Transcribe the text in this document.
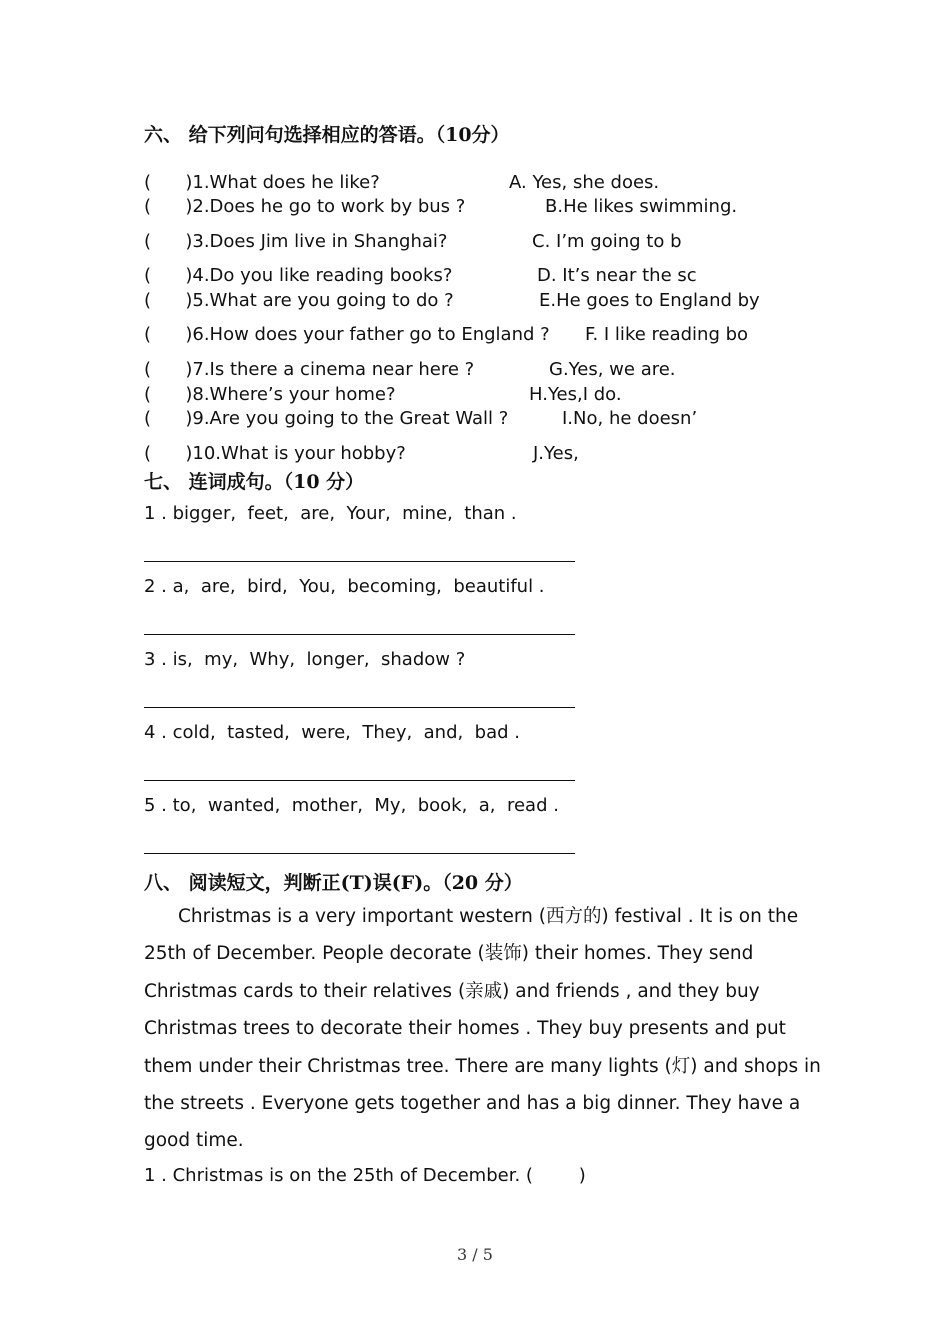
六、 给下列问句选择相应的答语。（10分）
(      )1.What does he like?	A. Yes, she does.
(      )2.Does he go to work by bus ?	B.He likes swimming.
(      )3.Does Jim live in Shanghai?	C. I’m going to b
(      )4.Do you like reading books?	D. It’s near the sc
(      )5.What are you going to do ?	E.He goes to England by
(      )6.How does your father go to England ? F. I like reading bo
(      )7.Is there a cinema near here ?	G.Yes, we are.
(      )8.Where’s your home?	H.Yes,I do.
(      )9.Are you going to the Great Wall ?	I.No, he doesn’
(      )10.What is your hobby?	J.Yes,
七、 连词成句。（10 分）
1 . bigger,  feet,  are,  Your,  mine,  than .
2 . a,  are,  bird,  You,  becoming,  beautiful .
3 . is,  my,  Why,  longer,  shadow ?
4 . cold,  tasted,  were,  They,  and,  bad .
5 . to,  wanted,  mother,  My,  book,  a,  read .
八、 阅读短文，判断正(T)误(F)。（20 分）
Christmas is a very important western (西方的) festival . It is on the 25th of December. People decorate (装饰) their homes. They send Christmas cards to their relatives (亲戚) and friends , and they buy Christmas trees to decorate their homes . They buy presents and put them under their Christmas tree. There are many lights (灯) and shops in the streets . Everyone gets together and has a big dinner. They have a good time.
1 . Christmas is on the 25th of December. (        )
3 / 5
